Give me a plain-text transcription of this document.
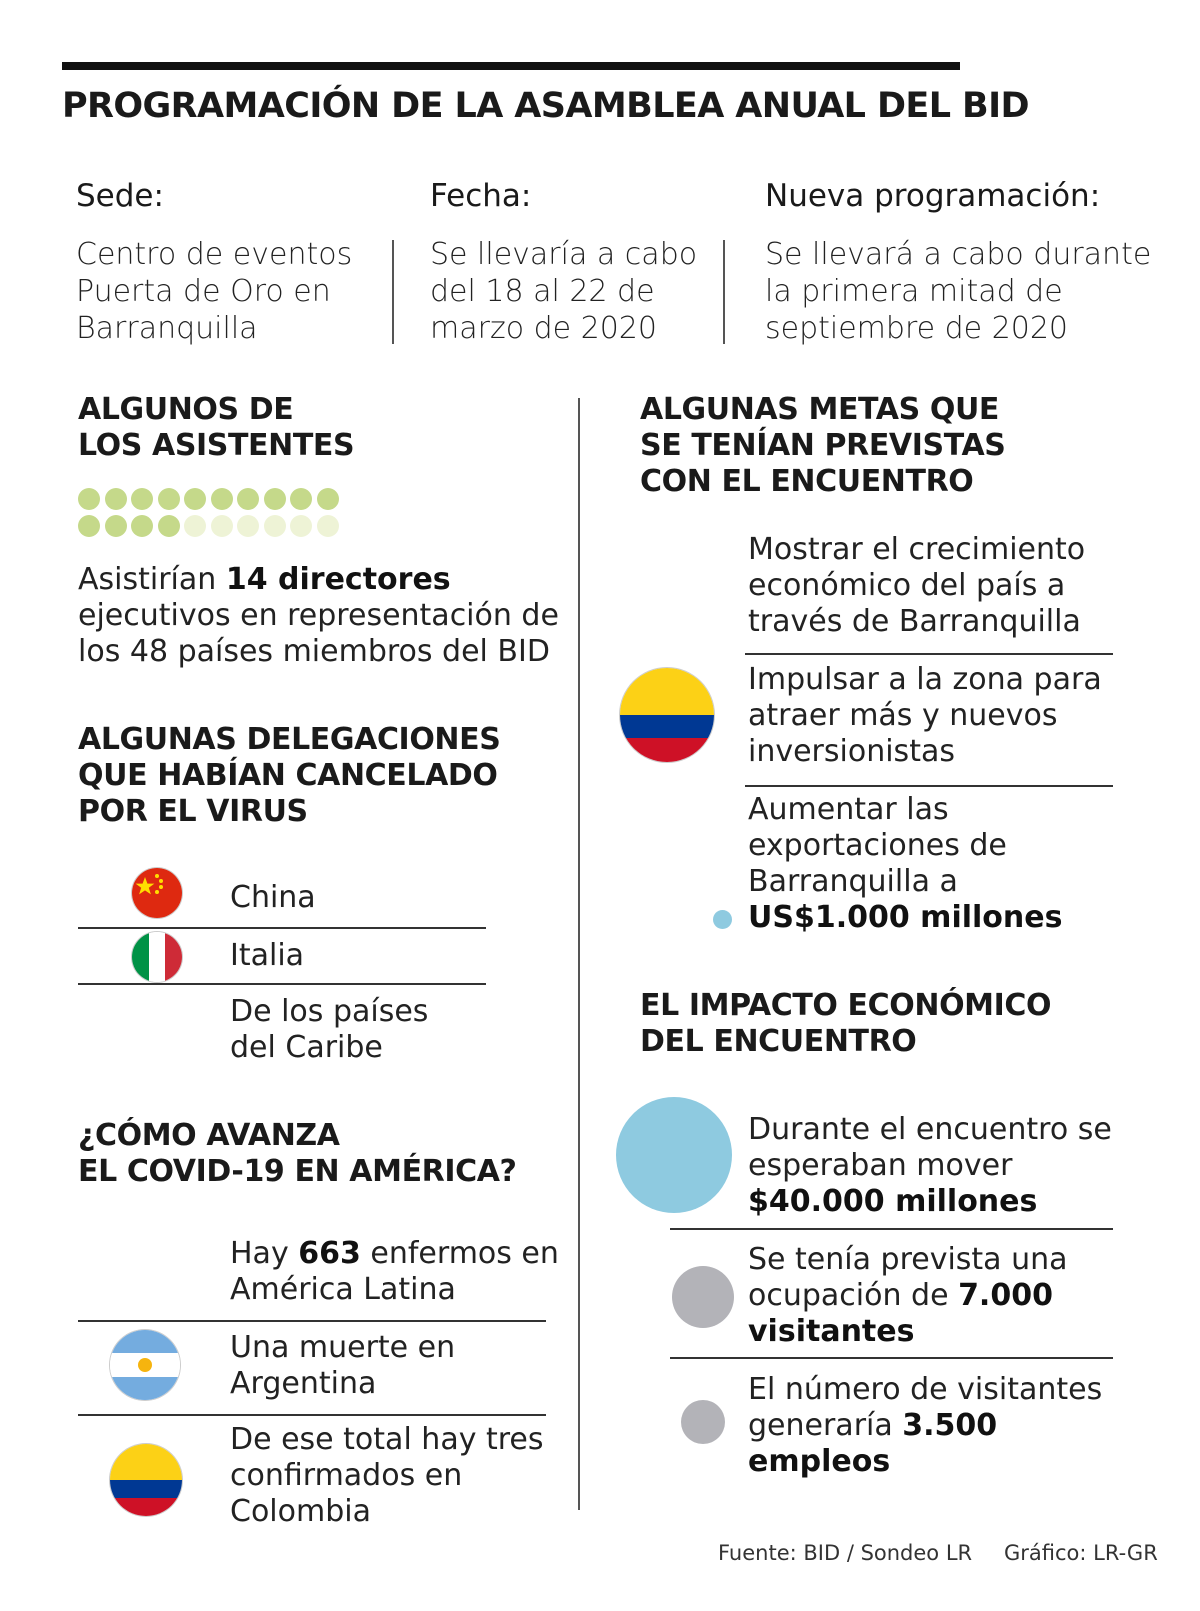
PROGRAMACIÓN DE LA ASAMBLEA ANUAL DEL BID
Sede:
Centro de eventos
Puerta de Oro en
Barranquilla
Fecha:
Se llevaría a cabo
del 18 al 22 de
marzo de 2020
Nueva programación:
Se llevará a cabo durante
la primera mitad de
septiembre de 2020
ALGUNOS DE
LOS ASISTENTES
Asistirían 14 directores
ejecutivos en representación de
los 48 países miembros del BID
ALGUNAS DELEGACIONES
QUE HABÍAN CANCELADO
POR EL VIRUS
China
Italia
De los países
del Caribe
¿CÓMO AVANZA
EL COVID-19 EN AMÉRICA?
Hay 663 enfermos en
América Latina
Una muerte en
Argentina
De ese total hay tres
confirmados en
Colombia
ALGUNAS METAS QUE
SE TENÍAN PREVISTAS
CON EL ENCUENTRO
Mostrar el crecimiento
económico del país a
través de Barranquilla
Impulsar a la zona para
atraer más y nuevos
inversionistas
Aumentar las
exportaciones de
Barranquilla a
US$1.000 millones
EL IMPACTO ECONÓMICO
DEL ENCUENTRO
Durante el encuentro se
esperaban mover
$40.000 millones
Se tenía prevista una
ocupación de 7.000
visitantes
El número de visitantes
generaría 3.500
empleos
Fuente: BID / Sondeo LR Gráfico: LR-GR
